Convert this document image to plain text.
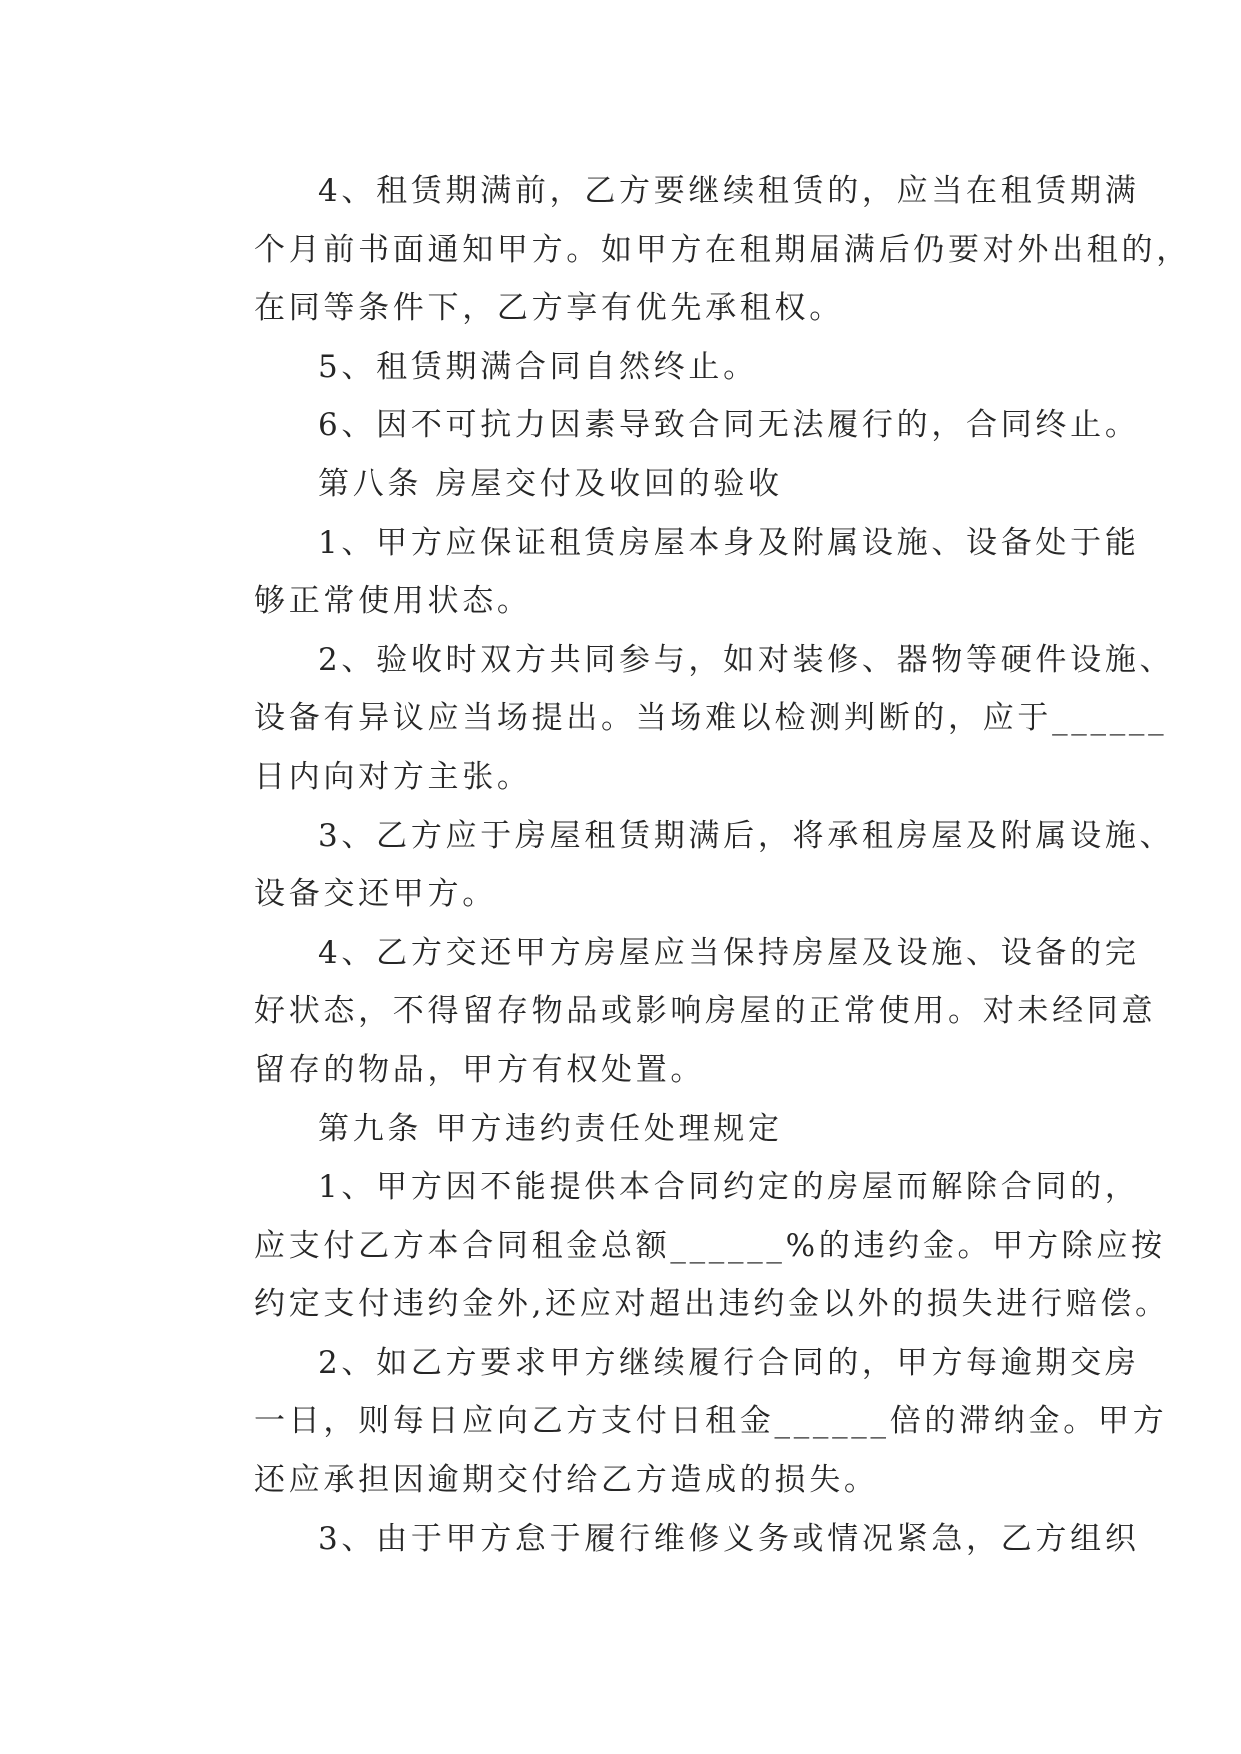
4、租赁期满前，乙方要继续租赁的，应当在租赁期满
个月前书面通知甲方。如甲方在租期届满后仍要对外出租的，
在同等条件下，乙方享有优先承租权。
5、租赁期满合同自然终止。
6、因不可抗力因素导致合同无法履行的，合同终止。
第八条 房屋交付及收回的验收
1、甲方应保证租赁房屋本身及附属设施、设备处于能
够正常使用状态。
2、验收时双方共同参与，如对装修、器物等硬件设施、
设备有异议应当场提出。当场难以检测判断的，应于______
日内向对方主张。
3、乙方应于房屋租赁期满后，将承租房屋及附属设施、
设备交还甲方。
4、乙方交还甲方房屋应当保持房屋及设施、设备的完
好状态，不得留存物品或影响房屋的正常使用。对未经同意
留存的物品，甲方有权处置。
第九条 甲方违约责任处理规定
1、甲方因不能提供本合同约定的房屋而解除合同的，
应支付乙方本合同租金总额______%的违约金。甲方除应按
约定支付违约金外,还应对超出违约金以外的损失进行赔偿。
2、如乙方要求甲方继续履行合同的，甲方每逾期交房
一日，则每日应向乙方支付日租金______倍的滞纳金。甲方
还应承担因逾期交付给乙方造成的损失。
3、由于甲方怠于履行维修义务或情况紧急，乙方组织
